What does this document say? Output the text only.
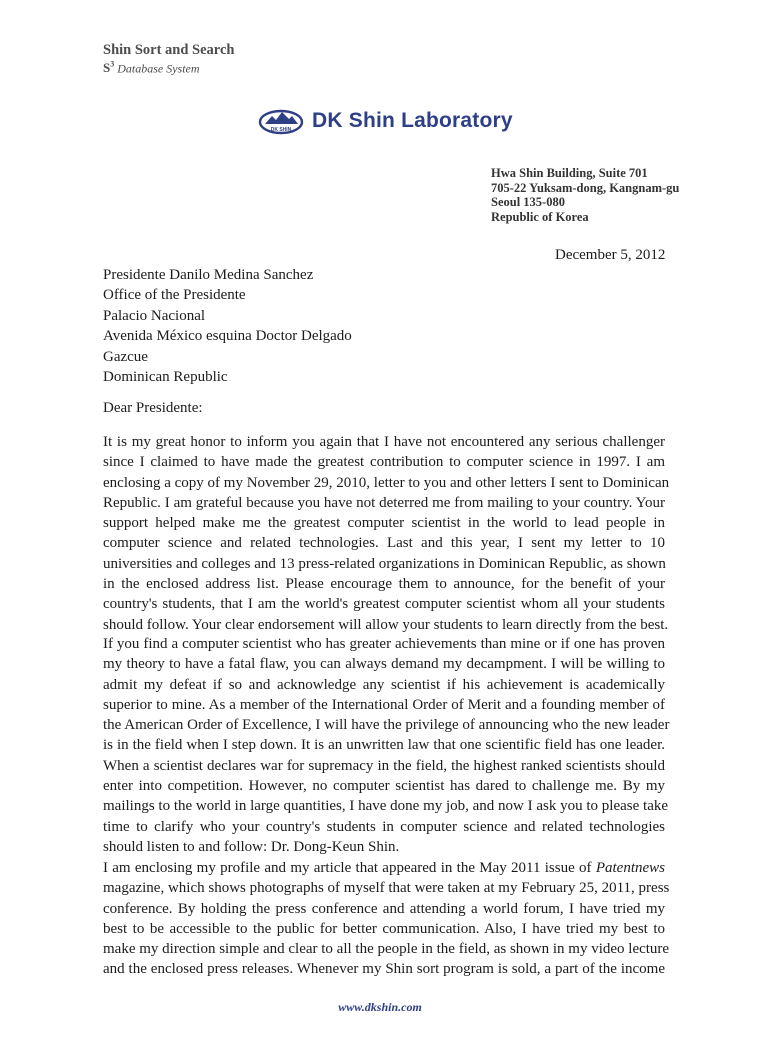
Shin Sort and Search
$S^3$ Database System
DK SHIN DK Shin Laboratory
Hwa Shin Building, Suite 701
705-22 Yuksam-dong, Kangnam-gu
Seoul 135-080
Republic of Korea
December 5, 2012
Presidente Danilo Medina Sanchez
Office of the Presidente
Palacio Nacional
Avenida México esquina Doctor Delgado
Gazcue
Dominican Republic
Dear Presidente:
It is my great honor to inform you again that I have not encountered any serious challenger
since I claimed to have made the greatest contribution to computer science in 1997. I am
enclosing a copy of my November 29, 2010, letter to you and other letters I sent to Dominican
Republic. I am grateful because you have not deterred me from mailing to your country. Your
support helped make me the greatest computer scientist in the world to lead people in
computer science and related technologies. Last and this year, I sent my letter to 10
universities and colleges and 13 press-related organizations in Dominican Republic, as shown
in the enclosed address list. Please encourage them to announce, for the benefit of your
country's students, that I am the world's greatest computer scientist whom all your students
should follow. Your clear endorsement will allow your students to learn directly from the best.
If you find a computer scientist who has greater achievements than mine or if one has proven
my theory to have a fatal flaw, you can always demand my decampment. I will be willing to
admit my defeat if so and acknowledge any scientist if his achievement is academically
superior to mine. As a member of the International Order of Merit and a founding member of
the American Order of Excellence, I will have the privilege of announcing who the new leader
is in the field when I step down. It is an unwritten law that one scientific field has one leader.
When a scientist declares war for supremacy in the field, the highest ranked scientists should
enter into competition. However, no computer scientist has dared to challenge me. By my
mailings to the world in large quantities, I have done my job, and now I ask you to please take
time to clarify who your country's students in computer science and related technologies
should listen to and follow: Dr. Dong-Keun Shin.
I am enclosing my profile and my article that appeared in the May 2011 issue of Patentnews
magazine, which shows photographs of myself that were taken at my February 25, 2011, press
conference. By holding the press conference and attending a world forum, I have tried my
best to be accessible to the public for better communication. Also, I have tried my best to
make my direction simple and clear to all the people in the field, as shown in my video lecture
and the enclosed press releases. Whenever my Shin sort program is sold, a part of the income
www.dkshin.com
